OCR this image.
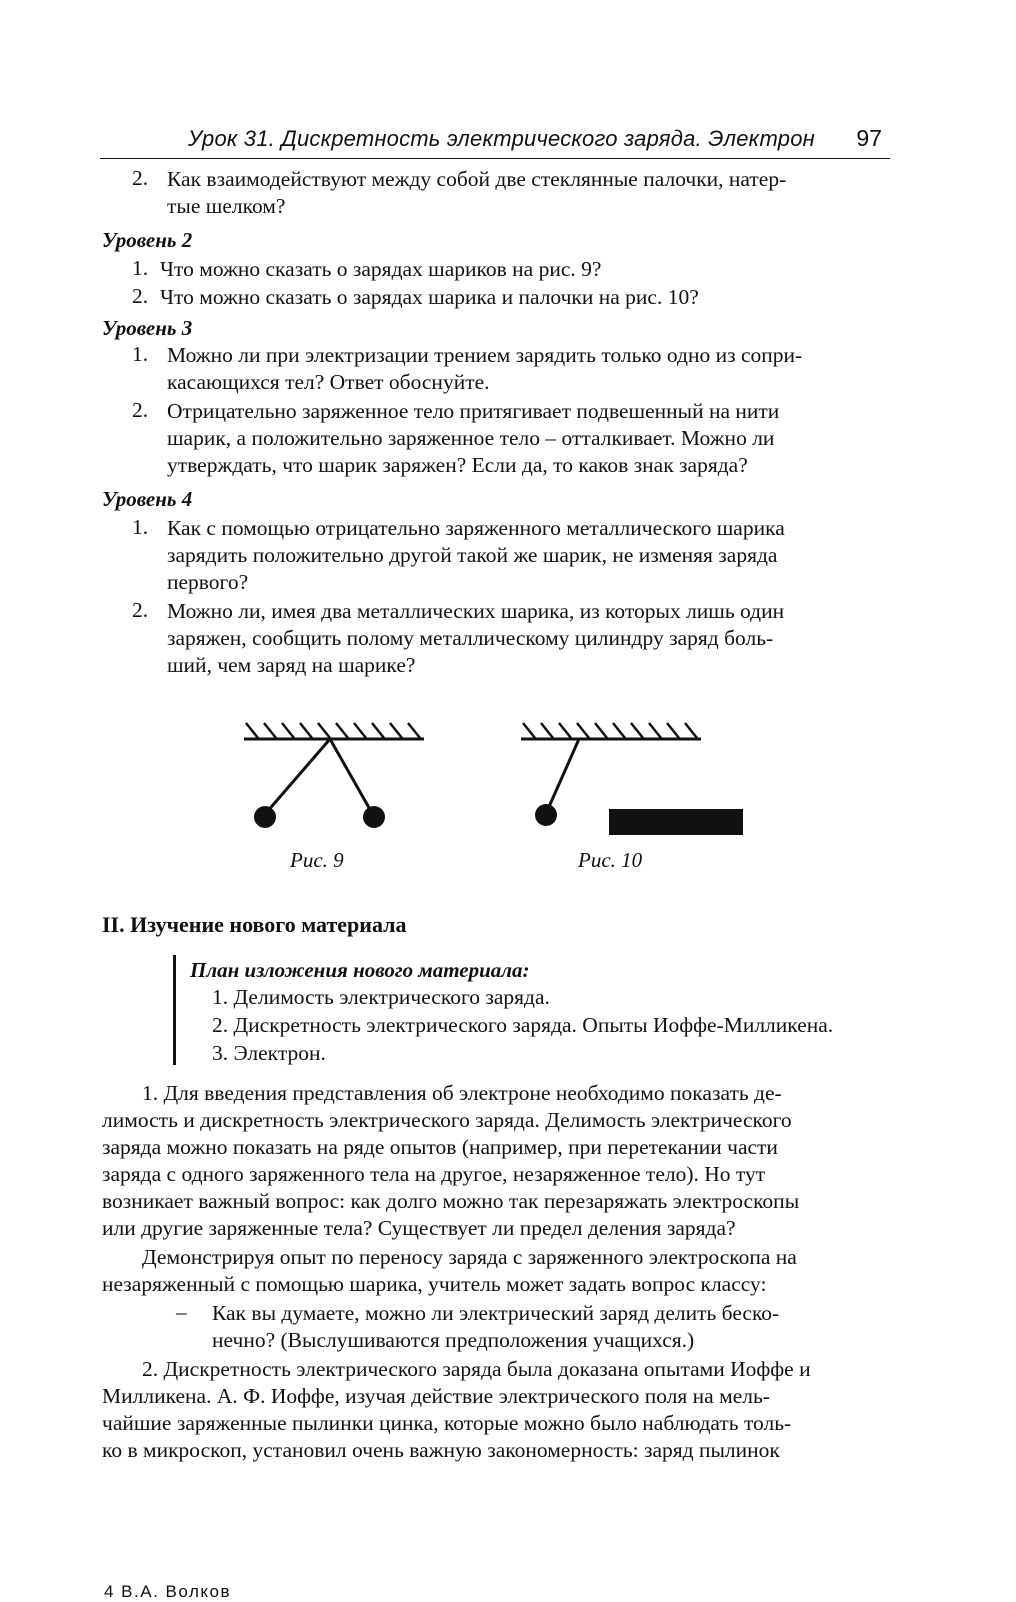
Урок 31. Дискретность электрического заряда. Электрон 97
2. Как взаимодействуют между собой две стеклянные палочки, натер-
тые шелком?
Уровень 2
1. Что можно сказать о зарядах шариков на рис. 9?
2. Что можно сказать о зарядах шарика и палочки на рис. 10?
Уровень 3
1. Можно ли при электризации трением зарядить только одно из сопри-
касающихся тел? Ответ обоснуйте.
2. Отрицательно заряженное тело притягивает подвешенный на нити
шарик, а положительно заряженное тело – отталкивает. Можно ли
утверждать, что шарик заряжен? Если да, то каков знак заряда?
Уровень 4
1. Как с помощью отрицательно заряженного металлического шарика
зарядить положительно другой такой же шарик, не изменяя заряда
первого?
2. Можно ли, имея два металлических шарика, из которых лишь один
заряжен, сообщить полому металлическому цилиндру заряд боль-
ший, чем заряд на шарике?
Рис. 9	Рис. 10
II. Изучение нового материала
План изложения нового материала:
1. Делимость электрического заряда.
2. Дискретность электрического заряда. Опыты Иоффе-Милликена.
3. Электрон.
1. Для введения представления об электроне необходимо показать де-
лимость и дискретность электрического заряда. Делимость электрического
заряда можно показать на ряде опытов (например, при перетекании части
заряда с одного заряженного тела на другое, незаряженное тело). Но тут
возникает важный вопрос: как долго можно так перезаряжать электроскопы
или другие заряженные тела? Существует ли предел деления заряда?
Демонстрируя опыт по переносу заряда с заряженного электроскопа на
незаряженный с помощью шарика, учитель может задать вопрос классу:
– Как вы думаете, можно ли электрический заряд делить беско-
нечно? (Выслушиваются предположения учащихся.)
2. Дискретность электрического заряда была доказана опытами Иоффе и
Милликена. А. Ф. Иоффе, изучая действие электрического поля на мель-
чайшие заряженные пылинки цинка, которые можно было наблюдать толь-
ко в микроскоп, установил очень важную закономерность: заряд пылинок
4 В.А. Волков
